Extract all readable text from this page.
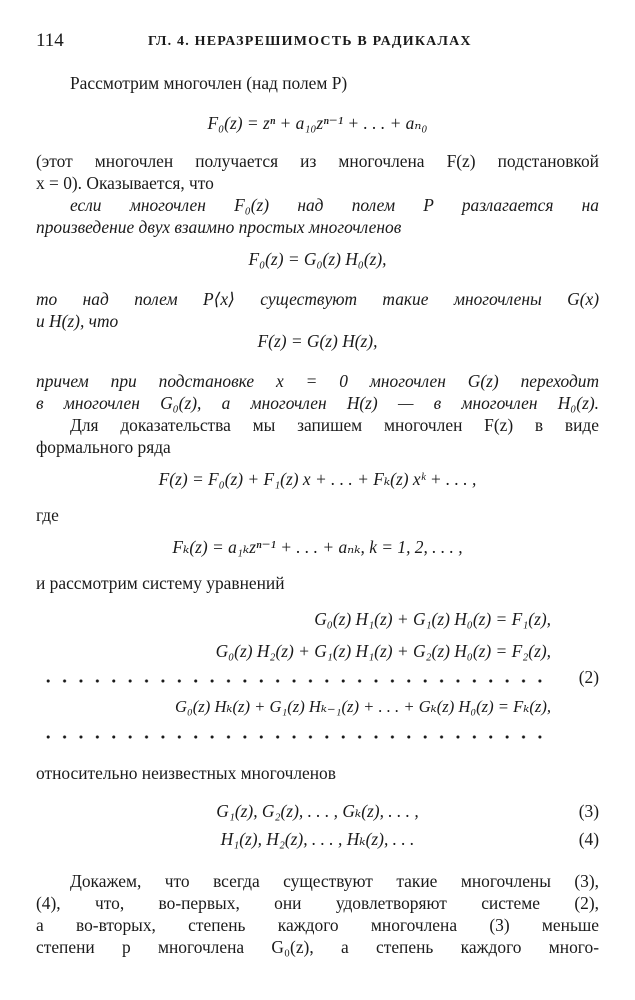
114	ГЛ. 4. НЕРАЗРЕШИМОСТЬ В РАДИКАЛАХ
Рассмотрим многочлен (над полем P)
F₀(z) = zⁿ + a₁₀zⁿ⁻¹ + . . . + aₙ₀
(этот многочлен получается из многочлена F(z) подстановкой
x = 0). Оказывается, что
если многочлен F₀(z) над полем P разлагается на
произведение двух взаимно простых многочленов
F₀(z) = G₀(z) H₀(z),
то над полем P⟨x⟩ существуют такие многочлены G(x)
и H(z), что
F(z) = G(z) H(z),
причем при подстановке x = 0 многочлен G(z) переходит
в многочлен G₀(z), а многочлен H(z) — в многочлен H₀(z).
Для доказательства мы запишем многочлен F(z) в виде
формального ряда
F(z) = F₀(z) + F₁(z) x + . . . + Fₖ(z) xᵏ + . . . ,
где
Fₖ(z) = a₁ₖzⁿ⁻¹ + . . . + aₙₖ, k = 1, 2, . . . ,
и рассмотрим систему уравнений
G₀(z) H₁(z) + G₁(z) H₀(z) = F₁(z),
G₀(z) H₂(z) + G₁(z) H₁(z) + G₂(z) H₀(z) = F₂(z),
(2)
G₀(z) Hₖ(z) + G₁(z) Hₖ₋₁(z) + . . . + Gₖ(z) H₀(z) = Fₖ(z),
относительно неизвестных многочленов
G₁(z), G₂(z), . . . , Gₖ(z), . . . ,	(3)
H₁(z), H₂(z), . . . , Hₖ(z), . . .	(4)
Докажем, что всегда существуют такие многочлены (3),
(4), что, во-первых, они удовлетворяют системе (2),
а во-вторых, степень каждого многочлена (3) меньше
степени p многочлена G₀(z), а степень каждого много-
